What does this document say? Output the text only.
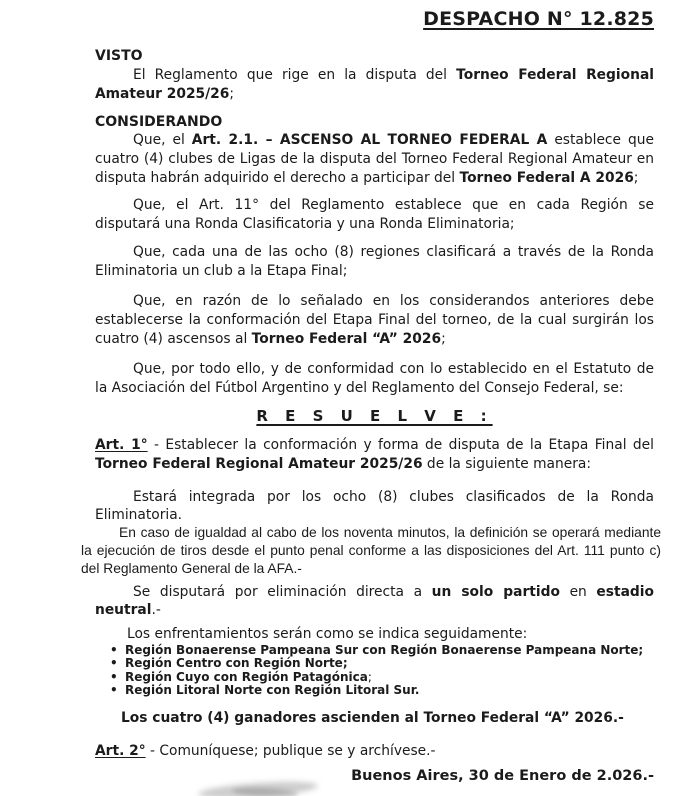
DESPACHO N° 12.825
VISTO

El Reglamento que rige en la disputa del Torneo Federal Regional Amateur 2025/26;

CONSIDERANDO

Que, el Art. 2.1. – ASCENSO AL TORNEO FEDERAL A establece que cuatro (4) clubes de Ligas de la disputa del Torneo Federal Regional Amateur en disputa habrán adquirido el derecho a participar del Torneo Federal A 2026;

Que, el Art. 11° del Reglamento establece que en cada Región se disputará una Ronda Clasificatoria y una Ronda Eliminatoria;

Que, cada una de las ocho (8) regiones clasificará a través de la Ronda Eliminatoria un club a la Etapa Final;

Que, en razón de lo señalado en los considerandos anteriores debe establecerse la conformación del Etapa Final del torneo, de la cual surgirán los cuatro (4) ascensos al Torneo Federal “A” 2026;

Que, por todo ello, y de conformidad con lo establecido en el Estatuto de la Asociación del Fútbol Argentino y del Reglamento del Consejo Federal, se:

R E S U E L V E :

Art. 1° - Establecer la conformación y forma de disputa de la Etapa Final del Torneo Federal Regional Amateur 2025/26 de la siguiente manera:

Estará integrada por los ocho (8) clubes clasificados de la Ronda Eliminatoria.

En caso de igualdad al cabo de los noventa minutos, la definición se operará mediante la ejecución de tiros desde el punto penal conforme a las disposiciones del Art. 111 punto c) del Reglamento General de la AFA.-

Se disputará por eliminación directa a un solo partido en estadio neutral.-

Los enfrentamientos serán como se indica seguidamente:

• Región Bonaerense Pampeana Sur con Región Bonaerense Pampeana Norte;
• Región Centro con Región Norte;
• Región Cuyo con Región Patagónica;
• Región Litoral Norte con Región Litoral Sur.

Los cuatro (4) ganadores ascienden al Torneo Federal “A” 2026.-

Art. 2° - Comuníquese; publique se y archívese.-

Buenos Aires, 30 de Enero de 2.026.-
